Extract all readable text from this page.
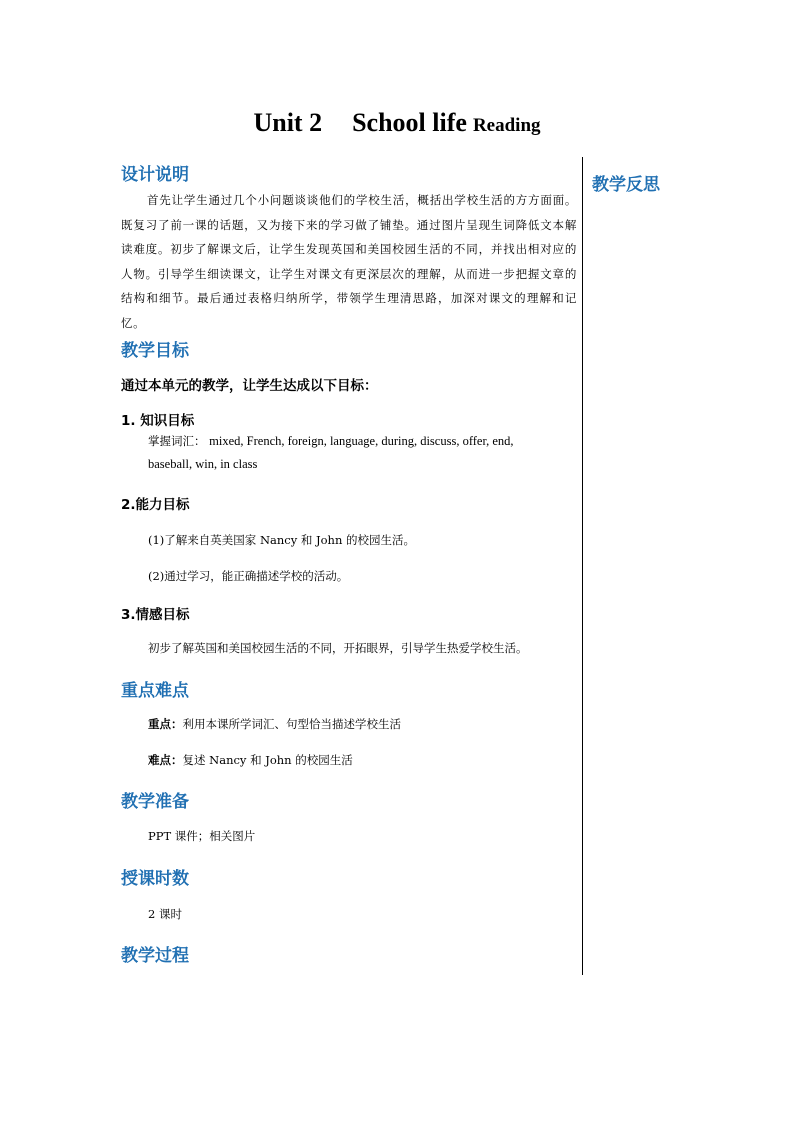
Unit 2 School life Reading
教学反思
设计说明
首先让学生通过几个小问题谈谈他们的学校生活，概括出学校生活的方方面面。既复习了前一课的话题，又为接下来的学习做了铺垫。通过图片呈现生词降低文本解读难度。初步了解课文后，让学生发现英国和美国校园生活的不同，并找出相对应的人物。引导学生细读课文，让学生对课文有更深层次的理解，从而进一步把握文章的结构和细节。最后通过表格归纳所学，带领学生理清思路，加深对课文的理解和记忆。
教学目标
通过本单元的教学，让学生达成以下目标：
1. 知识目标
掌握词汇： mixed, French, foreign, language, during, discuss, offer, end,
baseball, win, in class
2.能力目标
(1)了解来自英美国家 Nancy 和 John 的校园生活。
(2)通过学习，能正确描述学校的活动。
3.情感目标
初步了解英国和美国校园生活的不同，开拓眼界，引导学生热爱学校生活。
重点难点
重点：利用本课所学词汇、句型恰当描述学校生活
难点：复述 Nancy 和 John 的校园生活
教学准备
PPT 课件；相关图片
授课时数
2 课时
教学过程
